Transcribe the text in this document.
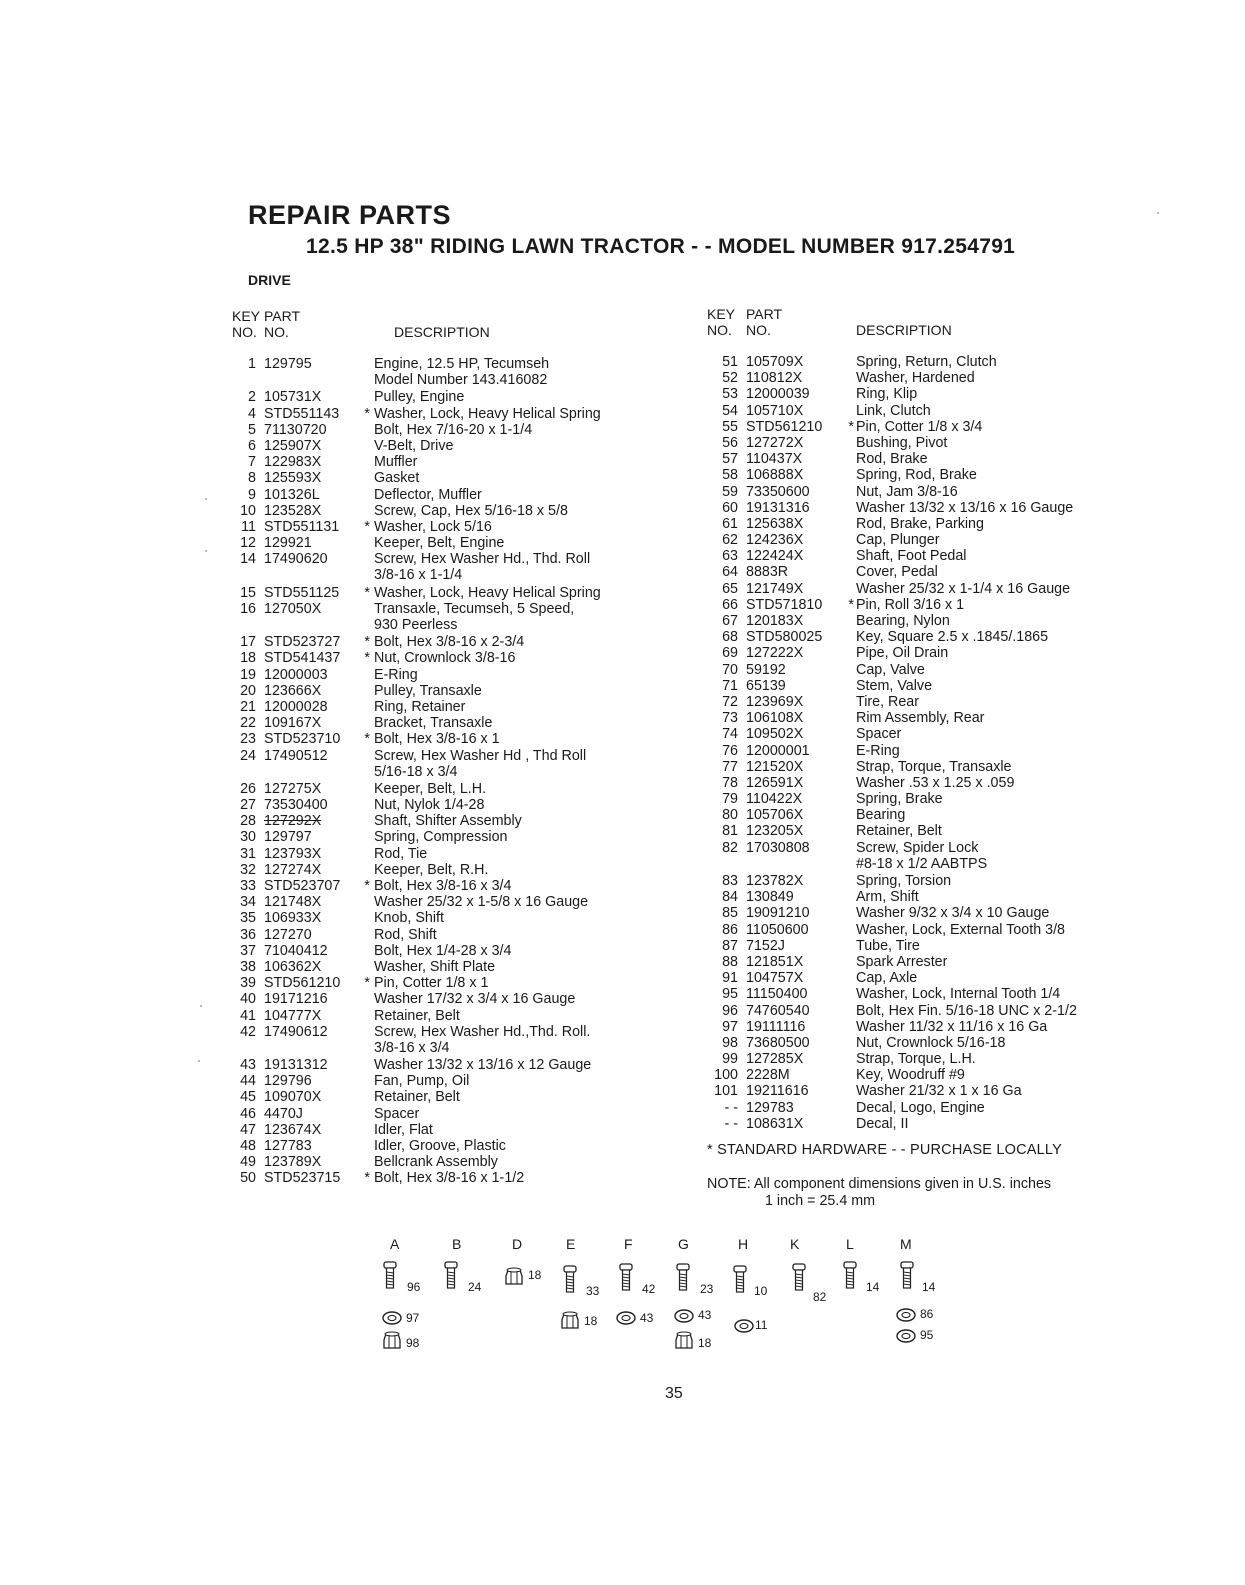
REPAIR PARTS
12.5 HP 38" RIDING LAWN TRACTOR - - MODEL NUMBER 917.254791
DRIVE
KEY
NO.
PART
NO.	DESCRIPTION
KEY
NO.
PART
NO.	DESCRIPTION
1 129795	Engine, 12.5 HP, Tecumseh
Model Number 143.416082
2 105731X	Pulley, Engine
4 STD551143	* Washer, Lock, Heavy Helical Spring
5 71130720	Bolt, Hex 7/16-20 x 1-1/4
6 125907X	V-Belt, Drive
7 122983X	Muffler
8 125593X	Gasket
9 101326L	Deflector, Muffler
10 123528X	Screw, Cap, Hex 5/16-18 x 5/8
11 STD551131	* Washer, Lock 5/16
12 129921	Keeper, Belt, Engine
14 17490620	Screw, Hex Washer Hd., Thd. Roll
3/8-16 x 1-1/4
15 STD551125	* Washer, Lock, Heavy Helical Spring
16 127050X	Transaxle, Tecumseh, 5 Speed,
930 Peerless
17 STD523727	* Bolt, Hex 3/8-16 x 2-3/4
18 STD541437	* Nut, Crownlock 3/8-16
19 12000003	E-Ring
20 123666X	Pulley, Transaxle
21 12000028	Ring, Retainer
22 109167X	Bracket, Transaxle
23 STD523710	* Bolt, Hex 3/8-16 x 1
24 17490512	Screw, Hex Washer Hd , Thd Roll
5/16-18 x 3/4
26 127275X	Keeper, Belt, L.H.
27 73530400	Nut, Nylok 1/4-28
28 127292X	Shaft, Shifter Assembly
30 129797	Spring, Compression
31 123793X	Rod, Tie
32 127274X	Keeper, Belt, R.H.
33 STD523707	* Bolt, Hex 3/8-16 x 3/4
34 121748X	Washer 25/32 x 1-5/8 x 16 Gauge
35 106933X	Knob, Shift
36 127270	Rod, Shift
37 71040412	Bolt, Hex 1/4-28 x 3/4
38 106362X	Washer, Shift Plate
39 STD561210	* Pin, Cotter 1/8 x 1
40 19171216	Washer 17/32 x 3/4 x 16 Gauge
41 104777X	Retainer, Belt
42 17490612	Screw, Hex Washer Hd.,Thd. Roll.
3/8-16 x 3/4
43 19131312	Washer 13/32 x 13/16 x 12 Gauge
44 129796	Fan, Pump, Oil
45 109070X	Retainer, Belt
46 4470J	Spacer
47 123674X	Idler, Flat
48 127783	Idler, Groove, Plastic
49 123789X	Bellcrank Assembly
50 STD523715	* Bolt, Hex 3/8-16 x 1-1/2
51 105709X	Spring, Return, Clutch
52 110812X	Washer, Hardened
53 12000039	Ring, Klip
54 105710X	Link, Clutch
55 STD561210	* Pin, Cotter 1/8 x 3/4
56 127272X	Bushing, Pivot
57 110437X	Rod, Brake
58 106888X	Spring, Rod, Brake
59 73350600	Nut, Jam 3/8-16
60 19131316	Washer 13/32 x 13/16 x 16 Gauge
61 125638X	Rod, Brake, Parking
62 124236X	Cap, Plunger
63 122424X	Shaft, Foot Pedal
64 8883R	Cover, Pedal
65 121749X	Washer 25/32 x 1-1/4 x 16 Gauge
66 STD571810	* Pin, Roll 3/16 x 1
67 120183X	Bearing, Nylon
68 STD580025 Key, Square 2.5 x .1845/.1865
69 127222X	Pipe, Oil Drain
70 59192	Cap, Valve
71 65139	Stem, Valve
72 123969X	Tire, Rear
73 106108X	Rim Assembly, Rear
74 109502X	Spacer
76 12000001	E-Ring
77 121520X	Strap, Torque, Transaxle
78 126591X	Washer .53 x 1.25 x .059
79 110422X	Spring, Brake
80 105706X	Bearing
81 123205X	Retainer, Belt
82 17030808	Screw, Spider Lock
#8-18 x 1/2 AABTPS
83 123782X	Spring, Torsion
84 130849	Arm, Shift
85 19091210	Washer 9/32 x 3/4 x 10 Gauge
86 11050600	Washer, Lock, External Tooth 3/8
87 7152J	Tube, Tire
88 121851X	Spark Arrester
91 104757X	Cap, Axle
95 11150400	Washer, Lock, Internal Tooth 1/4
96 74760540	Bolt, Hex Fin. 5/16-18 UNC x 2-1/2
97 19111116	Washer 11/32 x 11/16 x 16 Ga
98 73680500	Nut, Crownlock 5/16-18
99 127285X	Strap, Torque, L.H.
100 2228M	Key, Woodruff #9
101 19211616	Washer 21/32 x 1 x 16 Ga
- - 129783	Decal, Logo, Engine
- - 108631X	Decal, II
* STANDARD HARDWARE - - PURCHASE LOCALLY
NOTE: All component dimensions given in U.S. inches
1 inch = 25.4 mm
A	B	D	E	F	G	H	K	L	M
96
97
98
24
18
33
18
42
43
23
43
18
10
11
82
14	14
86
95
35
